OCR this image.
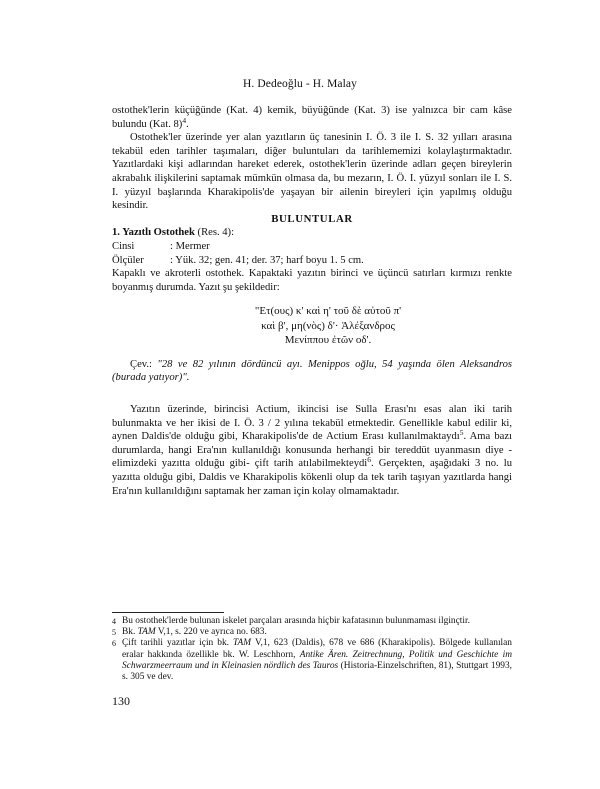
H. Dedeoğlu - H. Malay

ostothek'lerin küçüğünde (Kat. 4) kemik, büyüğünde (Kat. 3) ise yalnızca bir cam kâse bulundu (Kat. 8)$^4$.

Ostothek'ler üzerinde yer alan yazıtların üç tanesinin I. Ö. 3 ile I. S. 32 yılları arasına tekabül eden tarihler taşımaları, diğer buluntuları da tarihlememizi kolaylaştırmaktadır. Yazıtlardaki kişi adlarından hareket ederek, ostothek'lerin üzerinde adları geçen bireylerin akrabalık ilişkilerini saptamak mümkün olmasa da, bu mezarın, I. Ö. I. yüzyıl sonları ile I. S. I. yüzyıl başlarında Kharakipolis'de yaşayan bir ailenin bireyleri için yapılmış olduğu kesindir.

BULUNTULAR

1. Yazıtlı Ostothek (Res. 4):

Cinsi	: Mermer
Ölçüler	: Yük. 32; gen. 41; der. 37; harf boyu 1. 5 cm.

Kapaklı ve akroterli ostothek. Kapaktaki yazıtın birinci ve üçüncü satırları kırmızı renkte boyanmış durumda. Yazıt şu şekildedir:

"Ετ(ους) κ' καὶ η' τοῦ δὲ αὐτοῦ π'
καὶ β', μη(νὸς) δ'· Ἀλέξανδρος
Μενίππου ἐτῶν οδ'.

Çev.: "28 ve 82 yılının dördüncü ayı. Menippos oğlu, 54 yaşında ölen Aleksandros (burada yatıyor)".

Yazıtın üzerinde, birincisi Actium, ikincisi ise Sulla Erası'nı esas alan iki tarih bulunmakta ve her ikisi de I. Ö. 3 / 2 yılına tekabül etmektedir. Genellikle kabul edilir ki, aynen Daldis'de olduğu gibi, Kharakipolis'de de Actium Erası kullanılmaktaydı$^5$. Ama bazı durumlarda, hangi Era'nın kullanıldığı konusunda herhangi bir tereddüt uyanmasın diye -elimizdeki yazıtta olduğu gibi- çift tarih atılabilmekteydi$^6$. Gerçekten, aşağıdaki 3 no. lu yazıtta olduğu gibi, Daldis ve Kharakipolis kökenli olup da tek tarih taşıyan yazıtlarda hangi Era'nın kullanıldığını saptamak her zaman için kolay olmamaktadır.

4 Bu ostothek'lerde bulunan iskelet parçaları arasında hiçbir kafatasının bulunmaması ilginçtir.
5 Bk. TAM V,1, s. 220 ve ayrıca no. 683.
6 Çift tarihli yazıtlar için bk. TAM V,1, 623 (Daldis), 678 ve 686 (Kharakipolis). Bölgede kullanılan eralar hakkında özellikle bk. W. Leschhorn, Antike Ären. Zeitrechnung, Politik und Geschichte im Schwarzmeerraum und in Kleinasien nördlich des Tauros (Historia-Einzelschriften, 81), Stuttgart 1993, s. 305 ve dev.
130
